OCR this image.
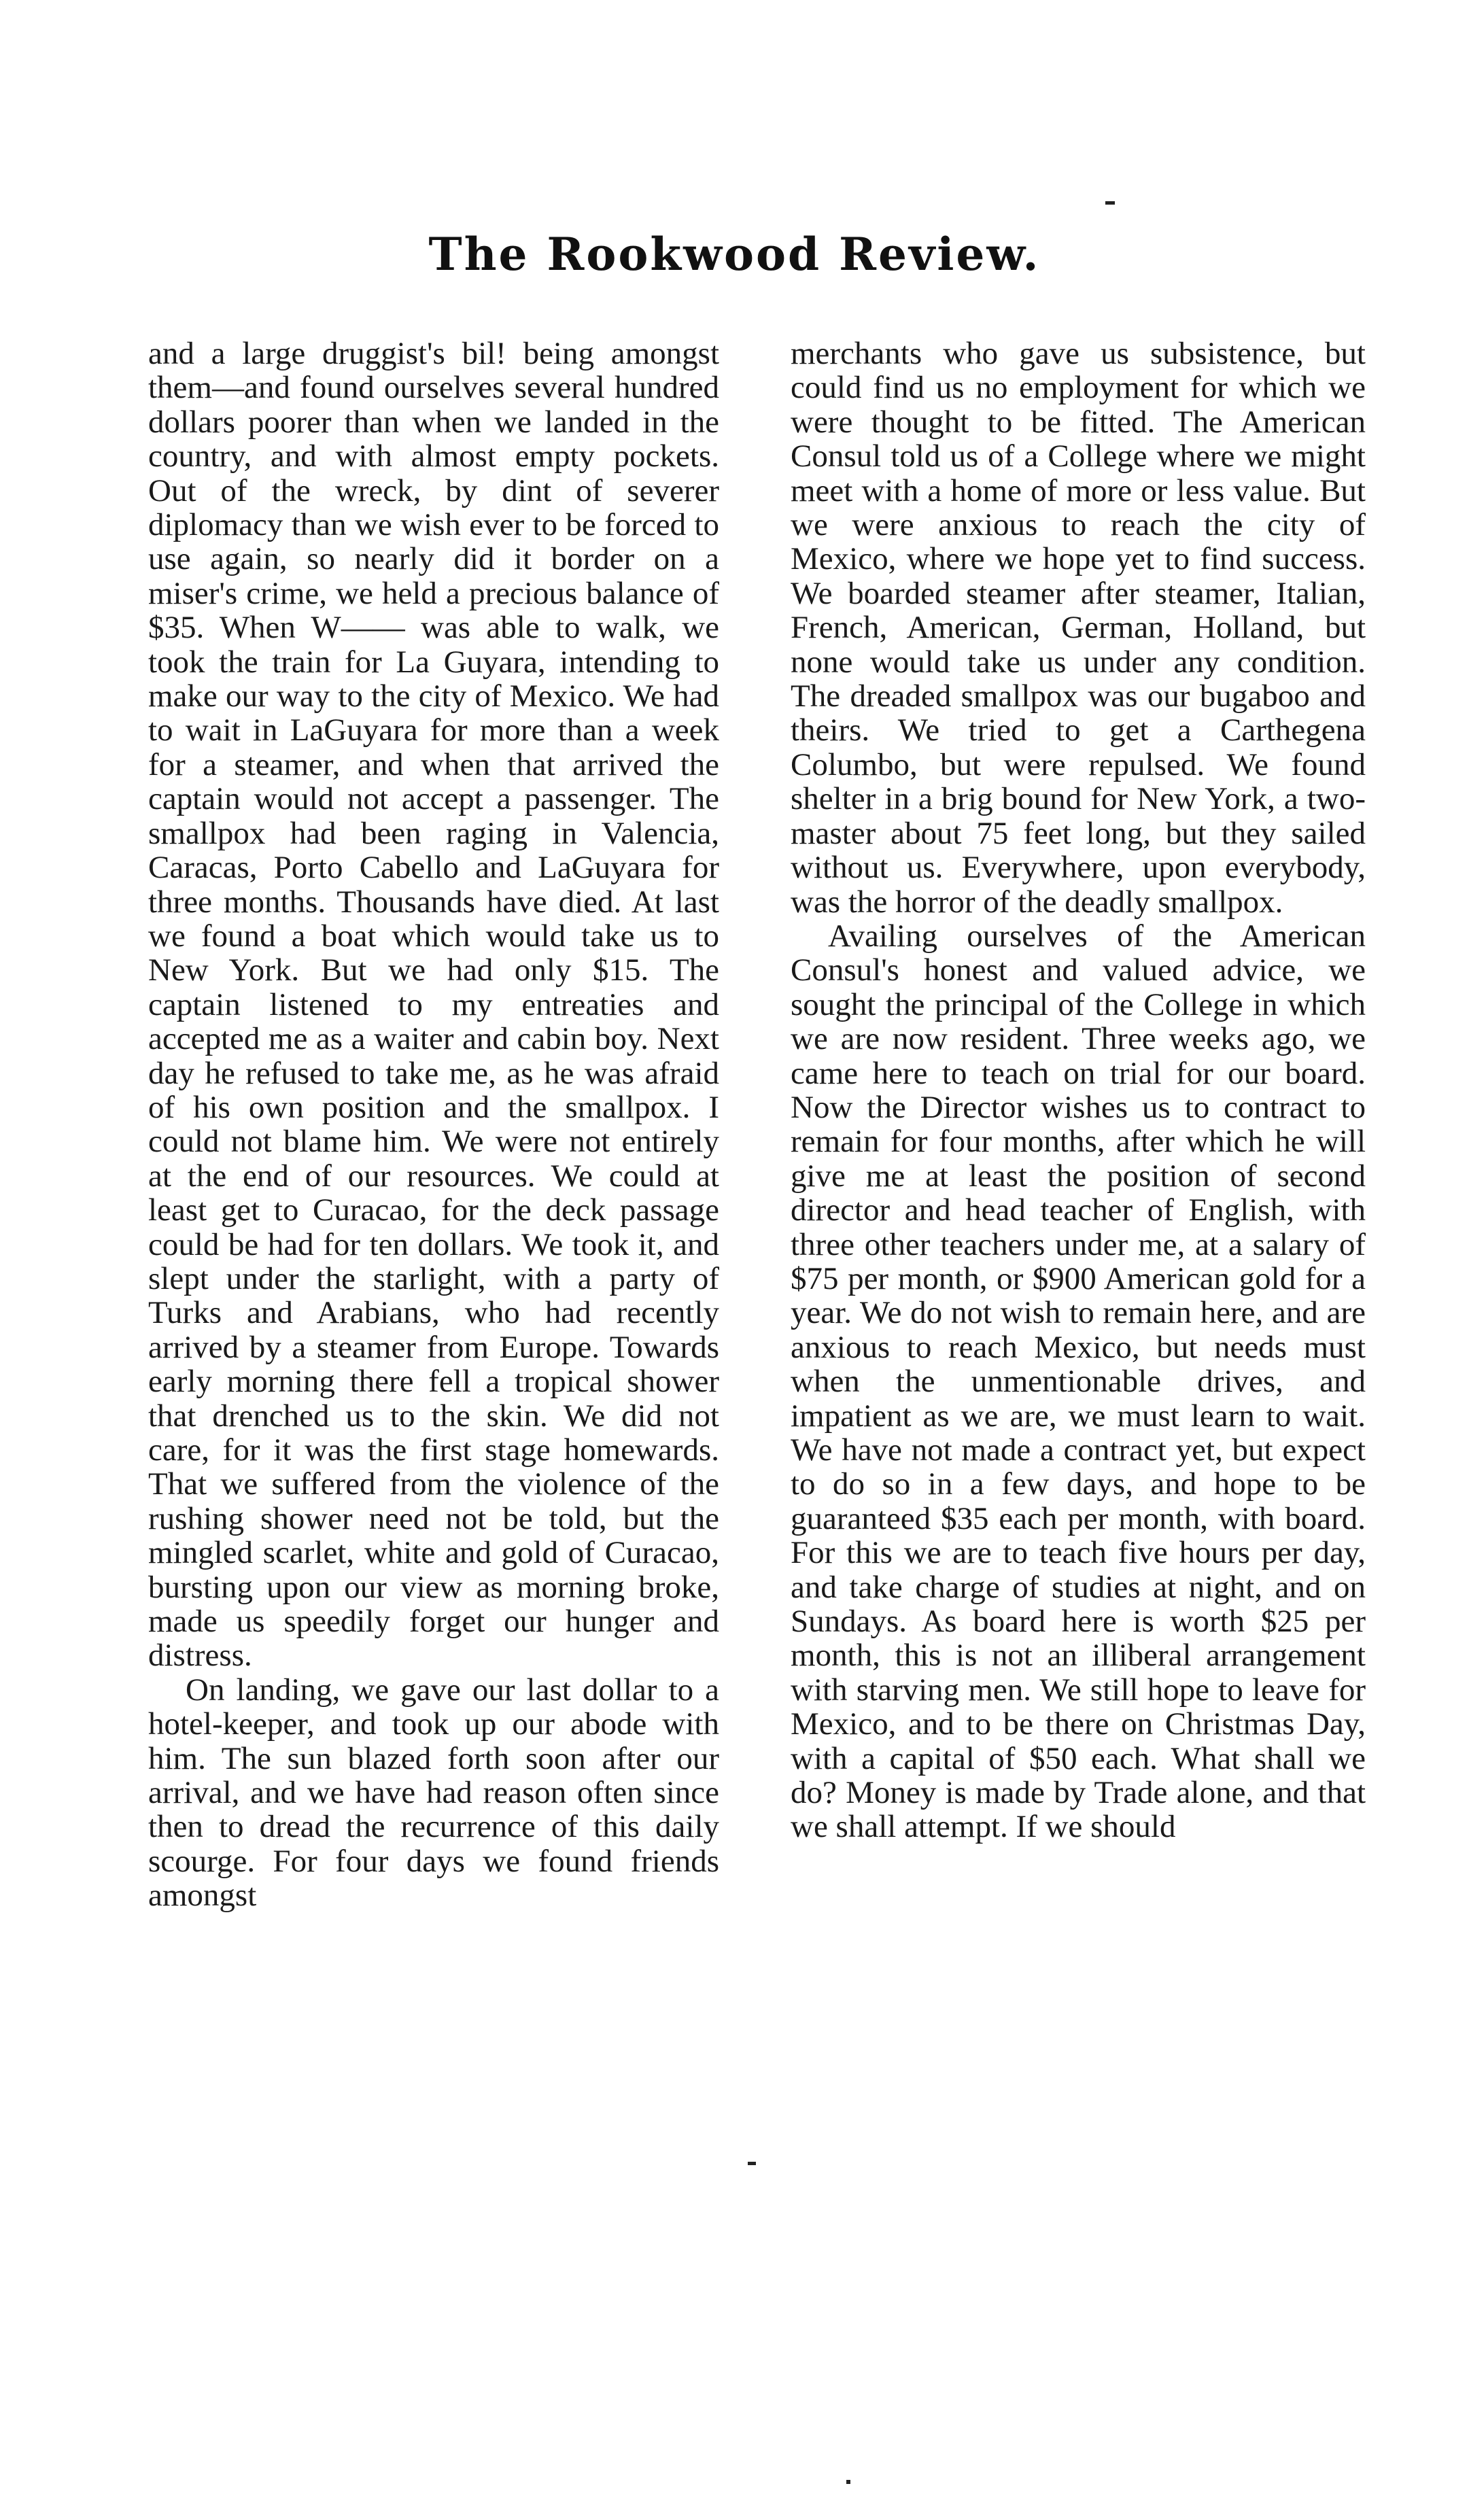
The Rookwood Review.

and a large druggist's bil! being amongst them—and found ourselves several hundred dollars poorer than when we landed in the country, and with almost empty pockets. Out of the wreck, by dint of severer diplomacy than we wish ever to be forced to use again, so nearly did it border on a miser's crime, we held a precious balance of $35. When W—— was able to walk, we took the train for La Guyara, intending to make our way to the city of Mexico. We had to wait in LaGuyara for more than a week for a steamer, and when that arrived the captain would not accept a passenger. The smallpox had been raging in Valencia, Caracas, Porto Cabello and LaGuyara for three months. Thousands have died. At last we found a boat which would take us to New York. But we had only $15. The captain listened to my entreaties and accepted me as a waiter and cabin boy. Next day he refused to take me, as he was afraid of his own position and the smallpox. I could not blame him. We were not entirely at the end of our resources. We could at least get to Curacao, for the deck passage could be had for ten dollars. We took it, and slept under the starlight, with a party of Turks and Arabians, who had recently arrived by a steamer from Europe. Towards early morning there fell a tropical shower that drenched us to the skin. We did not care, for it was the first stage homewards. That we suffered from the violence of the rushing shower need not be told, but the mingled scarlet, white and gold of Curacao, bursting upon our view as morning broke, made us speedily forget our hunger and distress.

On landing, we gave our last dollar to a hotel-keeper, and took up our abode with him. The sun blazed forth soon after our arrival, and we have had reason often since then to dread the recurrence of this daily scourge. For four days we found friends amongst

merchants who gave us subsistence, but could find us no employment for which we were thought to be fitted. The American Consul told us of a College where we might meet with a home of more or less value. But we were anxious to reach the city of Mexico, where we hope yet to find success. We boarded steamer after steamer, Italian, French, American, German, Holland, but none would take us under any condition. The dreaded smallpox was our bugaboo and theirs. We tried to get a Carthegena Columbo, but were repulsed. We found shelter in a brig bound for New York, a two-master about 75 feet long, but they sailed without us. Everywhere, upon everybody, was the horror of the deadly smallpox.

Availing ourselves of the American Consul's honest and valued advice, we sought the principal of the College in which we are now resident. Three weeks ago, we came here to teach on trial for our board. Now the Director wishes us to contract to remain for four months, after which he will give me at least the position of second director and head teacher of English, with three other teachers under me, at a salary of $75 per month, or $900 American gold for a year. We do not wish to remain here, and are anxious to reach Mexico, but needs must when the unmentionable drives, and impatient as we are, we must learn to wait. We have not made a contract yet, but expect to do so in a few days, and hope to be guaranteed $35 each per month, with board. For this we are to teach five hours per day, and take charge of studies at night, and on Sundays. As board here is worth $25 per month, this is not an illiberal arrangement with starving men. We still hope to leave for Mexico, and to be there on Christmas Day, with a capital of $50 each. What shall we do? Money is made by Trade alone, and that we shall attempt. If we should
